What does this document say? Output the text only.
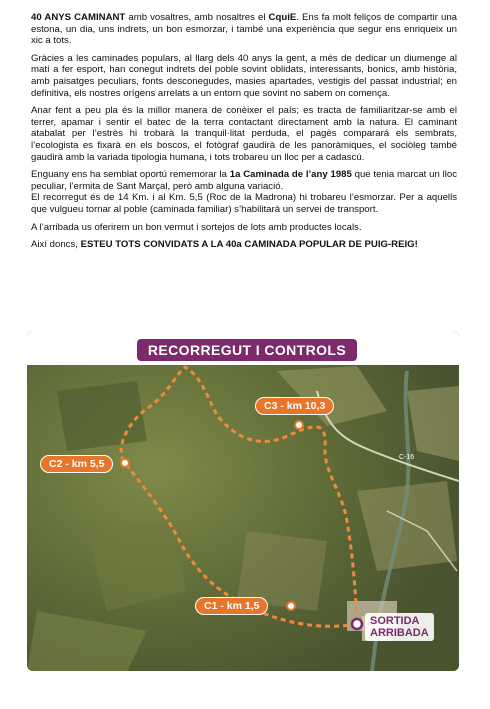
40 ANYS CAMINANT amb vosaltres, amb nosaltres el CquiE. Ens fa molt feliços de compartir una estona, un dia, uns indrets, un bon esmorzar, i també una experiència que segur ens enriqueix un xic a tots.

Gràcies a les caminades populars, al llarg dels 40 anys la gent, a més de dedicar un diumenge al matí a fer esport, han conegut indrets del poble sovint oblidats, interessants, bonics, amb història, amb paisatges peculiars, fonts desconegudes, masies apartades, vestigis del passat industrial; en definitiva, els nostres orígens arrelats a un entorn que sovint no sabem on comença.

Anar fent a peu pla és la millor manera de conèixer el país; es tracta de familiaritzar-se amb el terrer, apamar i sentir el batec de la terra contactant directament amb la natura. El caminant atabalat per l’estrès hi trobarà la tranquil·litat perduda, el pagès comparará els sembrats, l’ecologista es fixarà en els boscos, el fotògraf gaudirà de les panoràmiques, el sociòleg també gaudirà amb la variada tipologia humana, i tots trobareu un lloc per a cadascú.

Enguany ens ha semblat oportú rememorar la 1a Caminada de l’any 1985 que tenia marcat un lloc peculiar, l’ermita de Sant Marçal, però amb alguna variació.

El recorregut és de 14 Km. i al Km. 5,5 (Roc de la Madrona) hi trobareu l’esmorzar. Per a aquells que vulgueu tornar al poble (caminada familiar) s’habilitarà un servei de transport.

A l’arribada us oferirem un bon vermut i sortejos de lots amb productes locals.

Així doncs, ESTEU TOTS CONVIDATS A LA 40a CAMINADA POPULAR DE PUIG-REIG!

C-16
RECORREGUT I CONTROLS
C1 - km 1,5
C2 - km 5,5
C3 - km 10,3
SORTIDA
ARRIBADA
